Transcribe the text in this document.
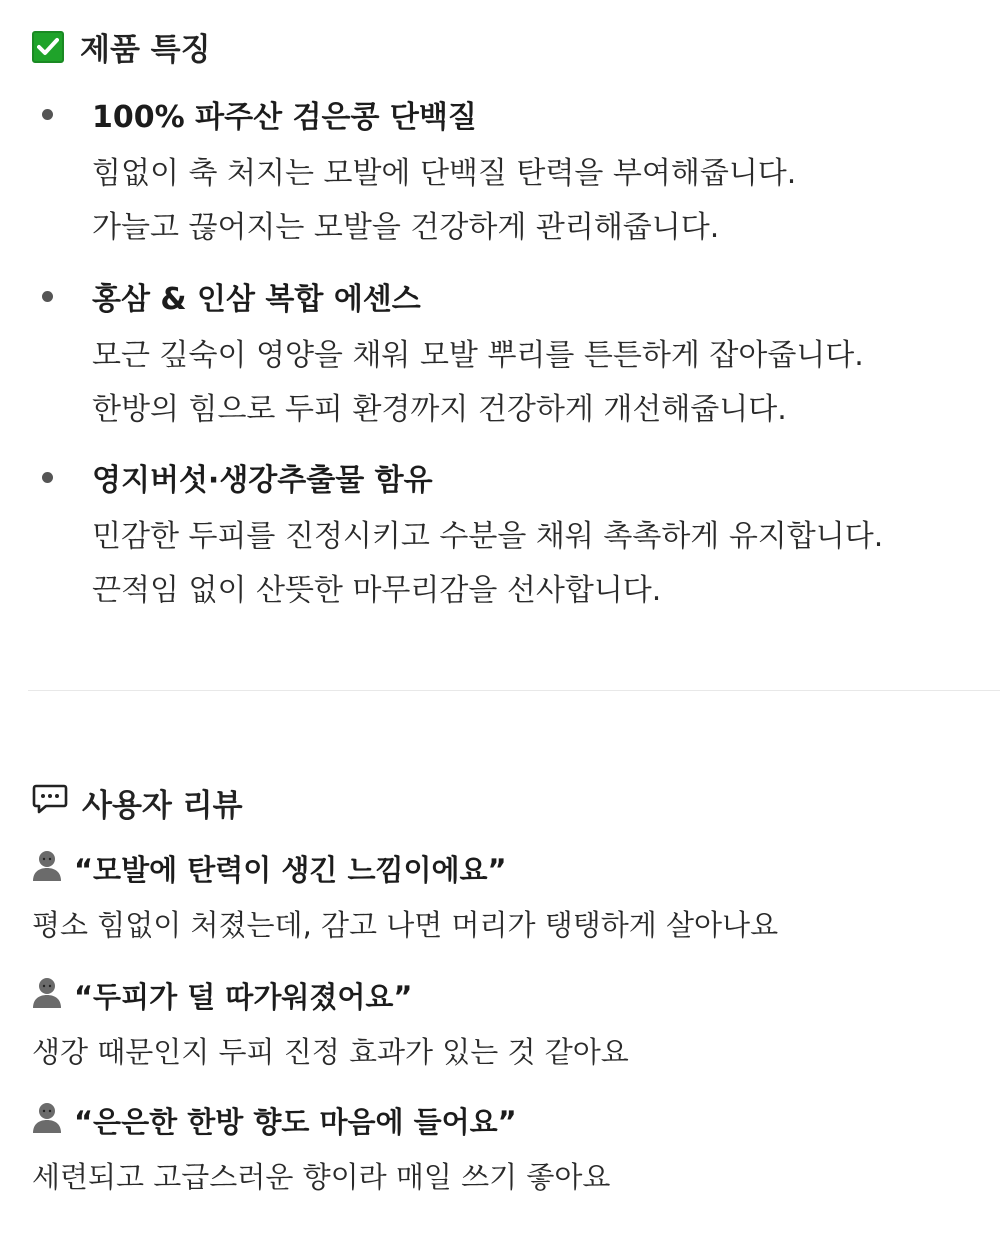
제품 특징
100% 파주산 검은콩 단백질
힘없이 축 처지는 모발에 단백질 탄력을 부여해줍니다.
가늘고 끊어지는 모발을 건강하게 관리해줍니다.
홍삼 & 인삼 복합 에센스
모근 깊숙이 영양을 채워 모발 뿌리를 튼튼하게 잡아줍니다.
한방의 힘으로 두피 환경까지 건강하게 개선해줍니다.
영지버섯·생강추출물 함유
민감한 두피를 진정시키고 수분을 채워 촉촉하게 유지합니다.
끈적임 없이 산뜻한 마무리감을 선사합니다.
사용자 리뷰
“모발에 탄력이 생긴 느낌이에요”
평소 힘없이 처졌는데, 감고 나면 머리가 탱탱하게 살아나요
“두피가 덜 따가워졌어요”
생강 때문인지 두피 진정 효과가 있는 것 같아요
“은은한 한방 향도 마음에 들어요”
세련되고 고급스러운 향이라 매일 쓰기 좋아요
